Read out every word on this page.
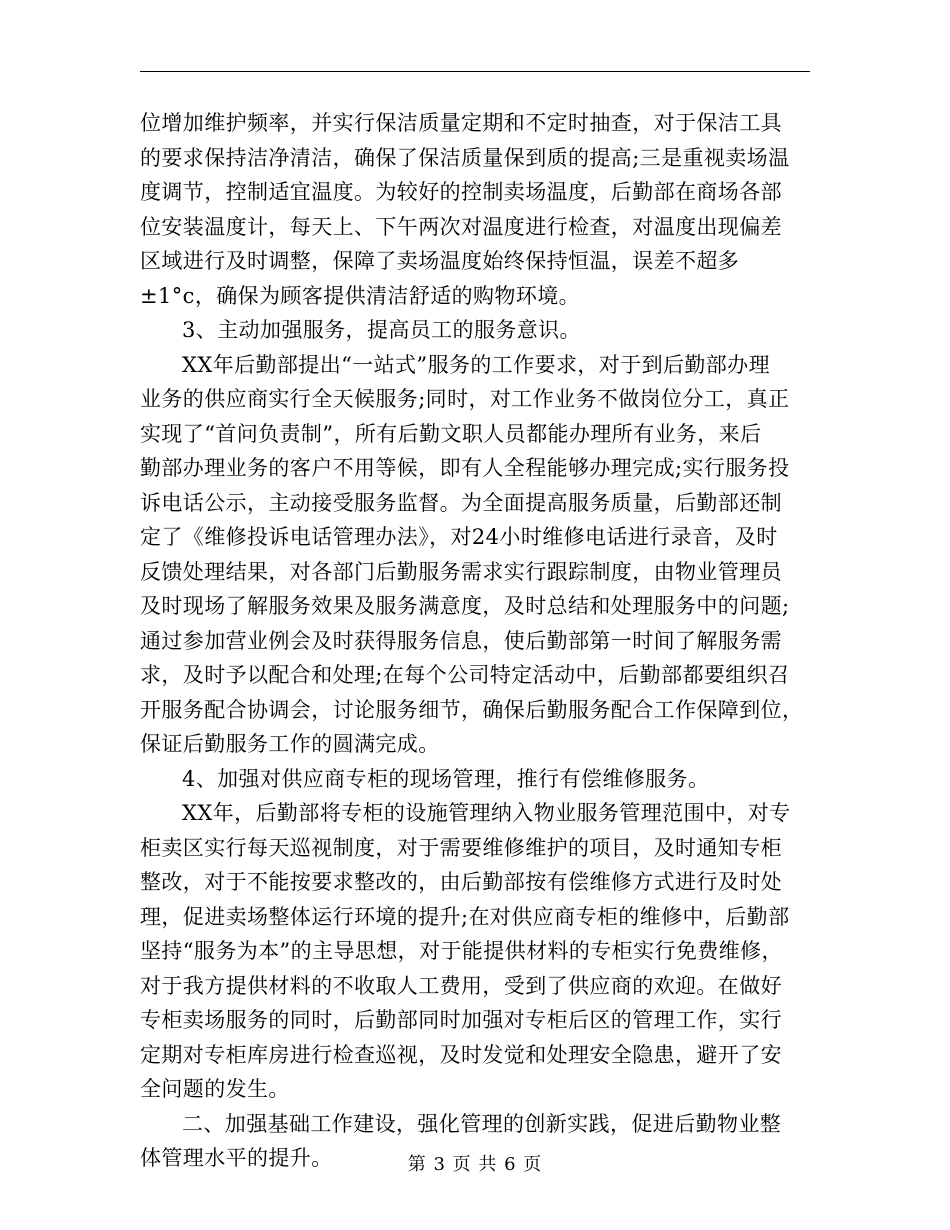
位增加维护频率，并实行保洁质量定期和不定时抽查，对于保洁工具
的要求保持洁净清洁，确保了保洁质量保到质的提高;三是重视卖场温
度调节，控制适宜温度。为较好的控制卖场温度，后勤部在商场各部
位安装温度计，每天上、下午两次对温度进行检查，对温度出现偏差
区域进行及时调整，保障了卖场温度始终保持恒温，误差不超多
±1°c，确保为顾客提供清洁舒适的购物环境。
3、主动加强服务，提高员工的服务意识。
XX年后勤部提出“一站式”服务的工作要求，对于到后勤部办理
业务的供应商实行全天候服务;同时，对工作业务不做岗位分工，真正
实现了“首问负责制”，所有后勤文职人员都能办理所有业务，来后
勤部办理业务的客户不用等候，即有人全程能够办理完成;实行服务投
诉电话公示，主动接受服务监督。为全面提高服务质量，后勤部还制
定了《维修投诉电话管理办法》，对24小时维修电话进行录音，及时
反馈处理结果，对各部门后勤服务需求实行跟踪制度，由物业管理员
及时现场了解服务效果及服务满意度，及时总结和处理服务中的问题;
通过参加营业例会及时获得服务信息，使后勤部第一时间了解服务需
求，及时予以配合和处理;在每个公司特定活动中，后勤部都要组织召
开服务配合协调会，讨论服务细节，确保后勤服务配合工作保障到位，
保证后勤服务工作的圆满完成。
4、加强对供应商专柜的现场管理，推行有偿维修服务。
XX年，后勤部将专柜的设施管理纳入物业服务管理范围中，对专
柜卖区实行每天巡视制度，对于需要维修维护的项目，及时通知专柜
整改，对于不能按要求整改的，由后勤部按有偿维修方式进行及时处
理，促进卖场整体运行环境的提升;在对供应商专柜的维修中，后勤部
坚持“服务为本”的主导思想，对于能提供材料的专柜实行免费维修，
对于我方提供材料的不收取人工费用，受到了供应商的欢迎。在做好
专柜卖场服务的同时，后勤部同时加强对专柜后区的管理工作，实行
定期对专柜库房进行检查巡视，及时发觉和处理安全隐患，避开了安
全问题的发生。
二、加强基础工作建设，强化管理的创新实践，促进后勤物业整
体管理水平的提升。	第 3 页 共 6 页
